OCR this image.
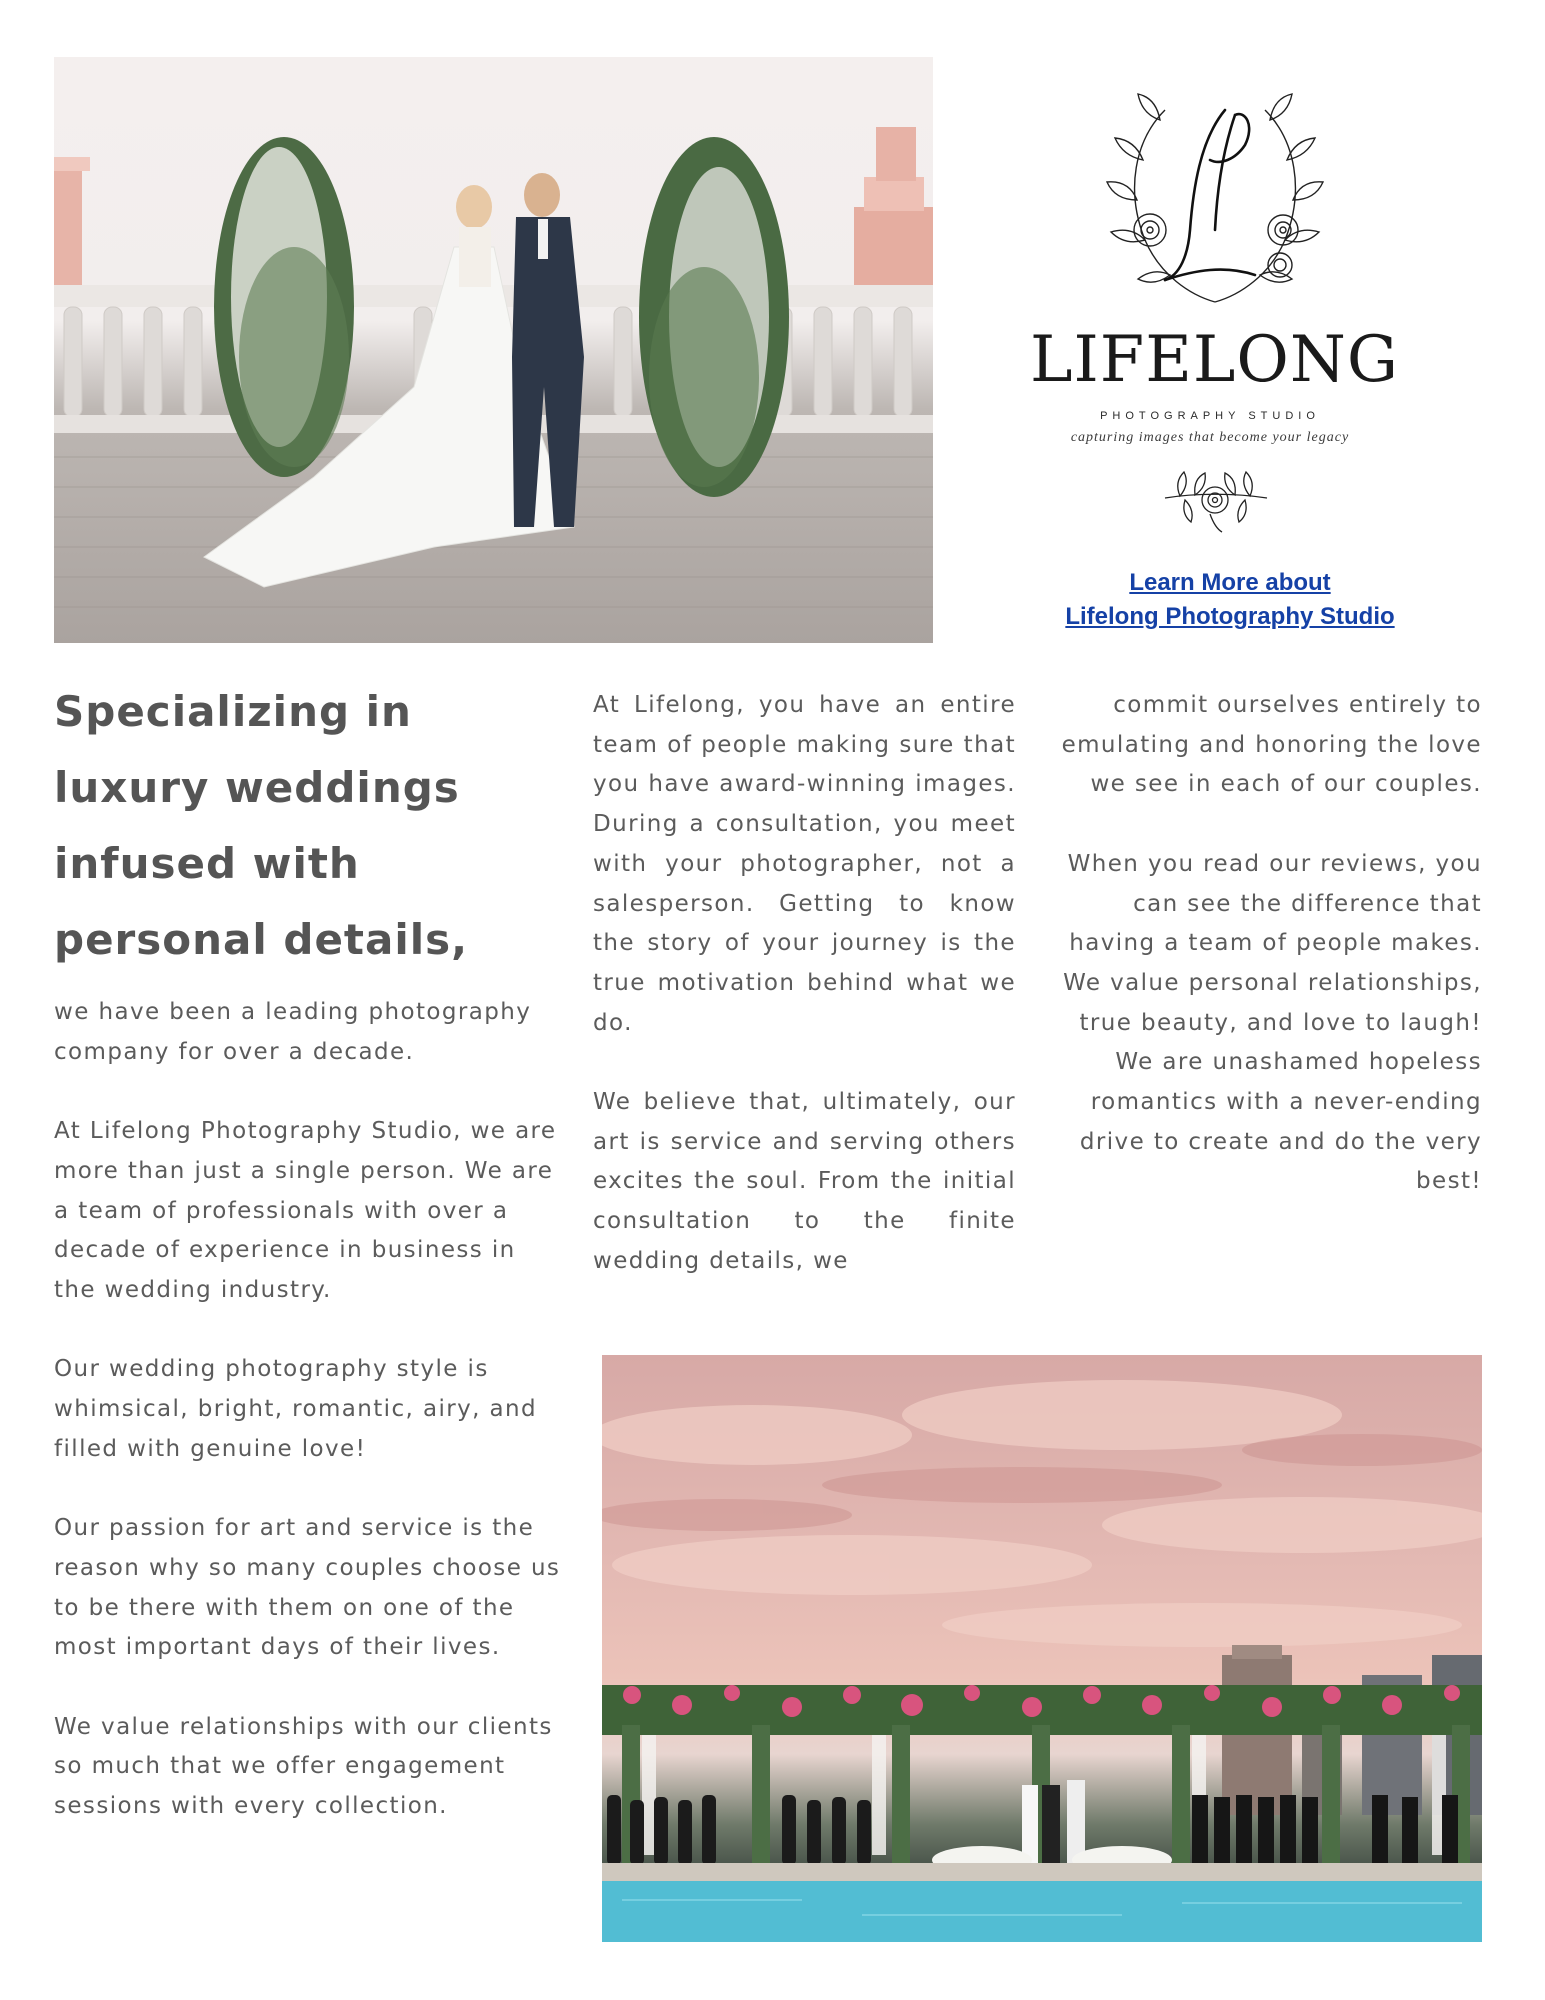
LIFELONG
PHOTOGRAPHY STUDIO
capturing images that become your legacy
Learn More about
Lifelong Photography Studio
Specializing in
luxury weddings
infused with
personal details,

we have been a leading photography company for over a decade.

At Lifelong Photography Studio, we are more than just a single person. We are a team of professionals with over a decade of experience in business in the wedding industry.

Our wedding photography style is whimsical, bright, romantic, airy, and filled with genuine love!

Our passion for art and service is the reason why so many couples choose us to be there with them on one of the most important days of their lives.

We value relationships with our clients so much that we offer engagement sessions with every collection.

At Lifelong, you have an entire team of people making sure that you have award-winning images. During a consultation, you meet with your photographer, not a salesperson. Getting to know the story of your journey is the true motivation behind what we do.

We believe that, ultimately, our art is service and serving others excites the soul. From the initial consultation to the finite wedding details, we

commit ourselves entirely to emulating and honoring the love we see in each of our couples.

When you read our reviews, you can see the difference that having a team of people makes. We value personal relationships, true beauty, and love to laugh! We are unashamed hopeless romantics with a never-ending drive to create and do the very best!
